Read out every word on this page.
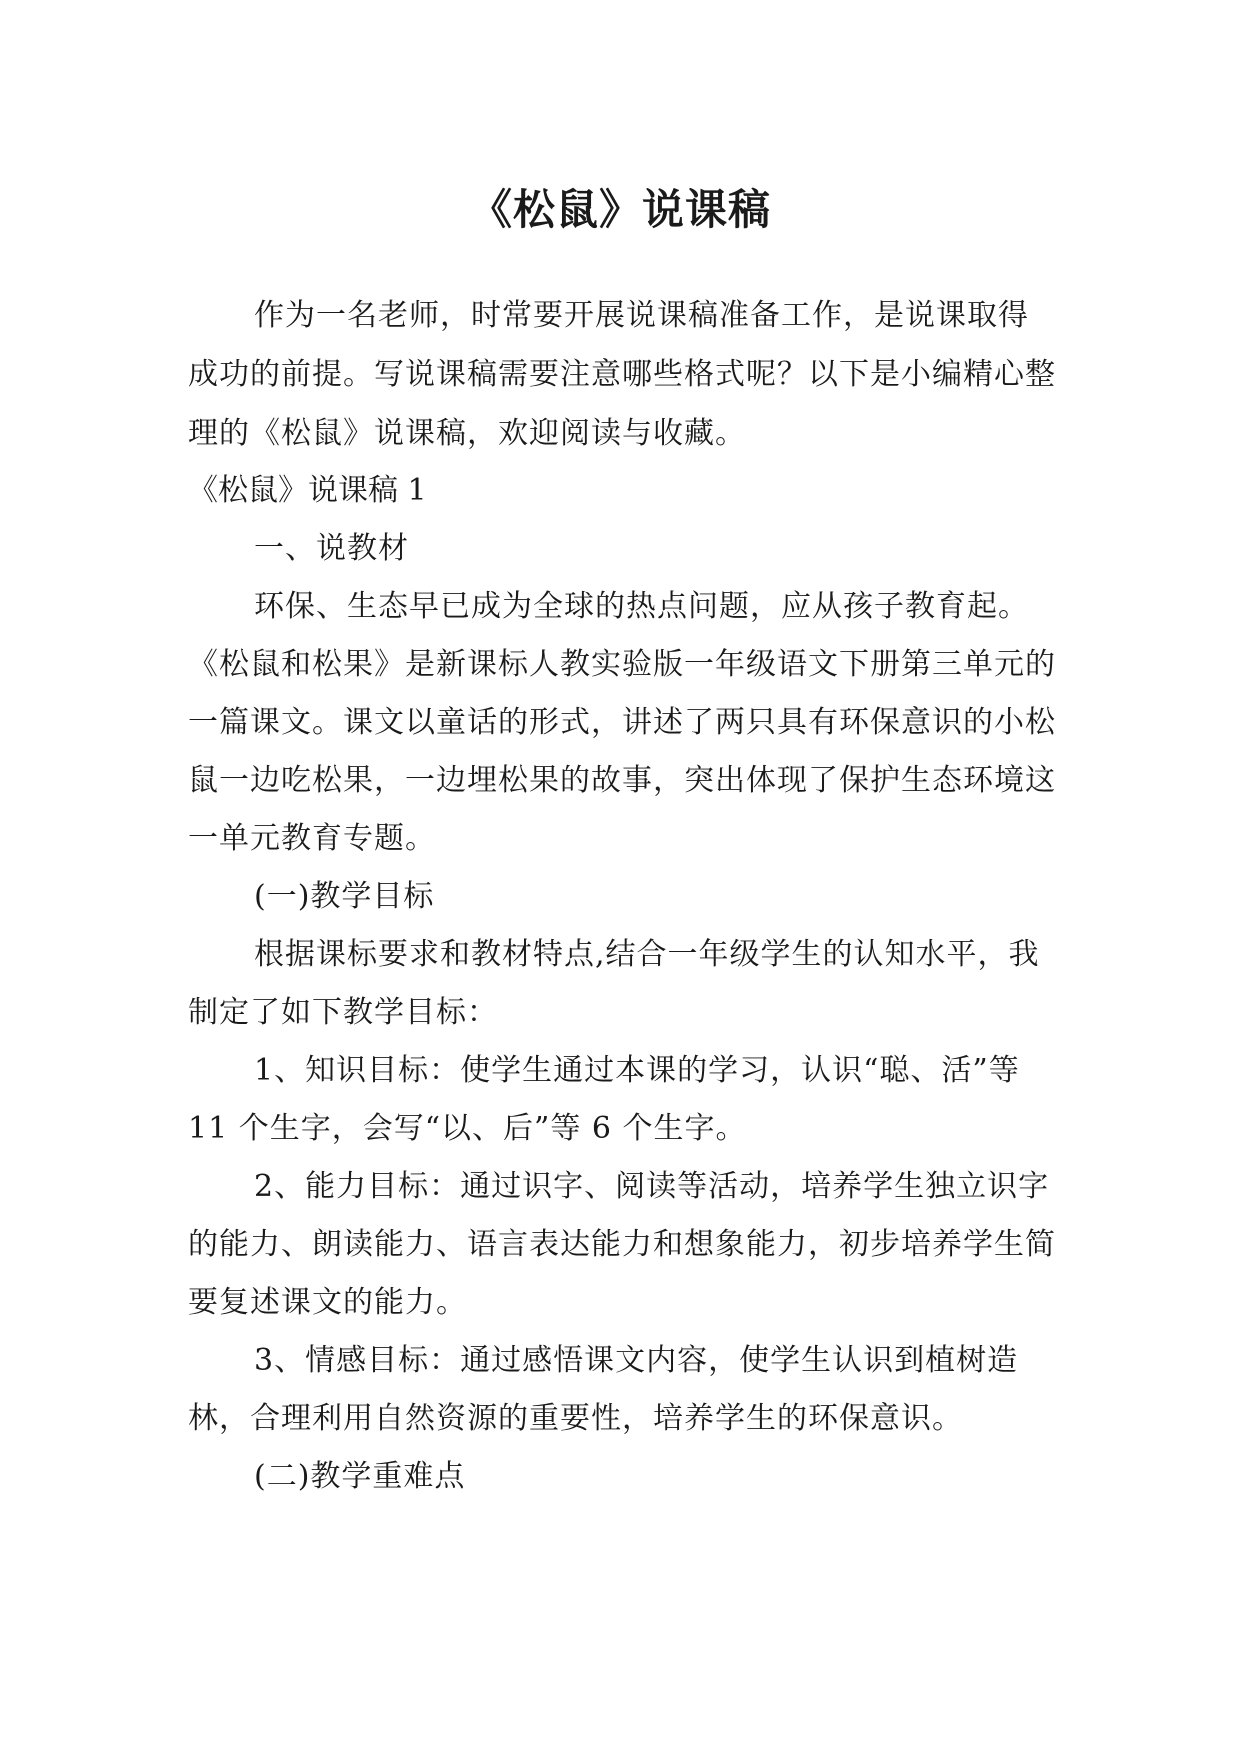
《松鼠》说课稿

作为一名老师，时常要开展说课稿准备工作，是说课取得成功的前提。写说课稿需要注意哪些格式呢？以下是小编精心整理的《松鼠》说课稿，欢迎阅读与收藏。

《松鼠》说课稿 1

一、说教材

环保、生态早已成为全球的热点问题，应从孩子教育起。《松鼠和松果》是新课标人教实验版一年级语文下册第三单元的一篇课文。课文以童话的形式，讲述了两只具有环保意识的小松鼠一边吃松果，一边埋松果的故事，突出体现了保护生态环境这一单元教育专题。

(一)教学目标

根据课标要求和教材特点,结合一年级学生的认知水平，我制定了如下教学目标：

1、知识目标：使学生通过本课的学习，认识“聪、活”等 11 个生字，会写“以、后”等 6 个生字。

2、能力目标：通过识字、阅读等活动，培养学生独立识字的能力、朗读能力、语言表达能力和想象能力，初步培养学生简要复述课文的能力。

3、情感目标：通过感悟课文内容，使学生认识到植树造林，合理利用自然资源的重要性，培养学生的环保意识。

(二)教学重难点
